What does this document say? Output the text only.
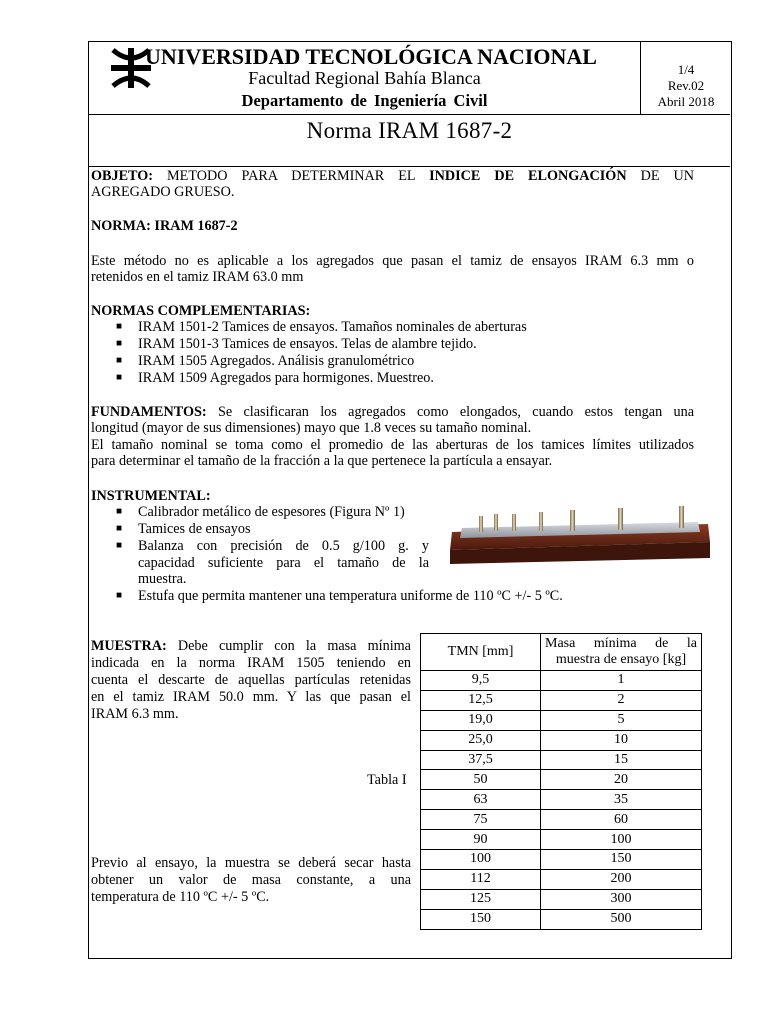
UNIVERSIDAD TECNOLÓGICA NACIONAL
Facultad Regional Bahía Blanca
Departamento de Ingeniería Civil
1/4
Rev.02
Abril 2018
Norma IRAM 1687-2
OBJETO: METODO PARA DETERMINAR EL INDICE DE ELONGACIÓN DE UN
AGREGADO GRUESO.
NORMA: IRAM 1687-2
Este método no es aplicable a los agregados que pasan el tamiz de ensayos IRAM 6.3 mm o
retenidos en el tamiz IRAM 63.0 mm
NORMAS COMPLEMENTARIAS:
■ IRAM 1501-2 Tamices de ensayos. Tamaños nominales de aberturas
■ IRAM 1501-3 Tamices de ensayos. Telas de alambre tejido.
■ IRAM 1505 Agregados. Análisis granulométrico
■ IRAM 1509 Agregados para hormigones. Muestreo.
FUNDAMENTOS: Se clasificaran los agregados como elongados, cuando estos tengan una
longitud (mayor de sus dimensiones) mayo que 1.8 veces su tamaño nominal.
El tamaño nominal se toma como el promedio de las aberturas de los tamices límites utilizados
para determinar el tamaño de la fracción a la que pertenece la partícula a ensayar.
INSTRUMENTAL:
■ Calibrador metálico de espesores (Figura Nº 1)
■ Tamices de ensayos
■ Balanza con precisión de 0.5 g/100 g. y
capacidad suficiente para el tamaño de la
muestra.
■ Estufa que permita mantener una temperatura uniforme de 110 ºC +/- 5 ºC.
MUESTRA: Debe cumplir con la masa mínima
indicada en la norma IRAM 1505 teniendo en
cuenta el descarte de aquellas partículas retenidas
en el tamiz IRAM 50.0 mm. Y las que pasan el
IRAM 6.3 mm.
Tabla I
Previo al ensayo, la muestra se deberá secar hasta
obtener un valor de masa constante, a una
temperatura de 110 ºC +/- 5 ºC.
TMN [mm]	Masa mínima de la
muestra de ensayo [kg]

9,5	1
12,5	2
19,0	5
25,0	10
37,5	15
50	20
63	35
75	60
90	100
100	150
112	200
125	300
150	500
